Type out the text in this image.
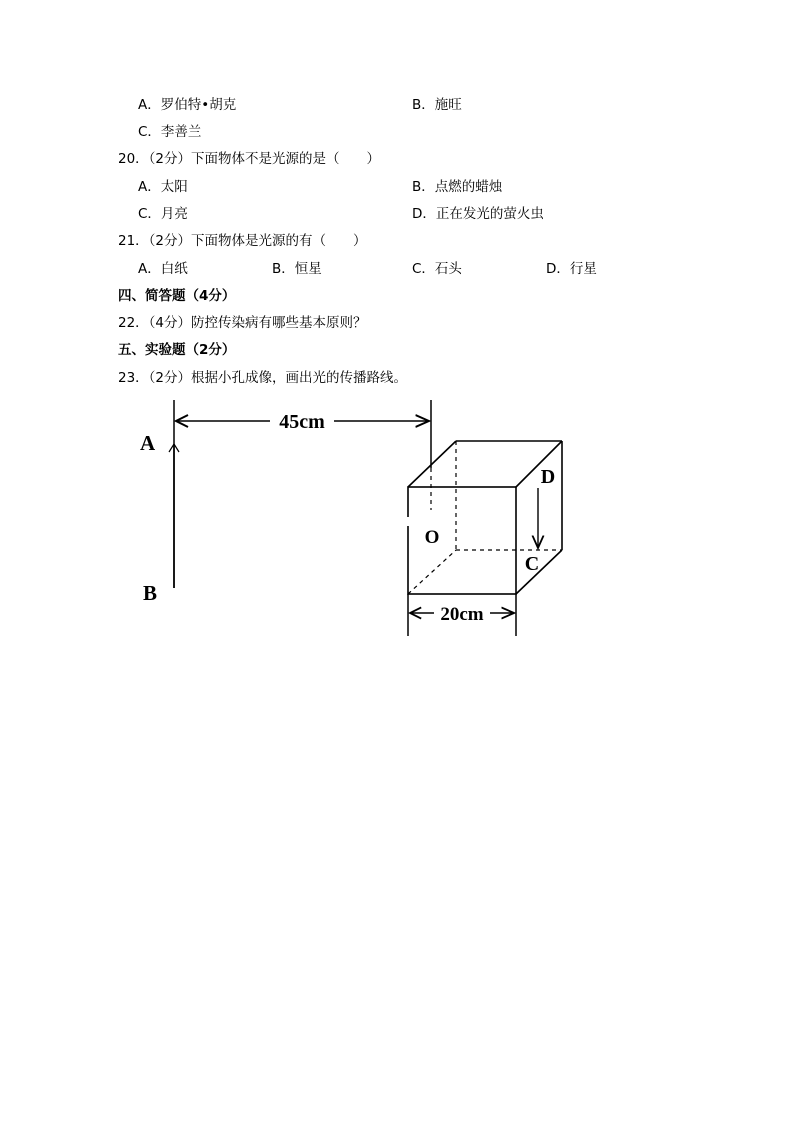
A．罗伯特•胡克	B．施旺
C．李善兰
20．（2分）下面物体不是光源的是（　　）
A．太阳	B．点燃的蜡烛
C．月亮	D．正在发光的萤火虫
21．（2分）下面物体是光源的有（　　）
A．白纸	B．恒星	C．石头	D．行星
四、简答题（4分）
22．（4分）防控传染病有哪些基本原则？
五、实验题（2分）
23．（2分）根据小孔成像，画出光的传播路线。
A
B
45cm
O
D
C
20cm
